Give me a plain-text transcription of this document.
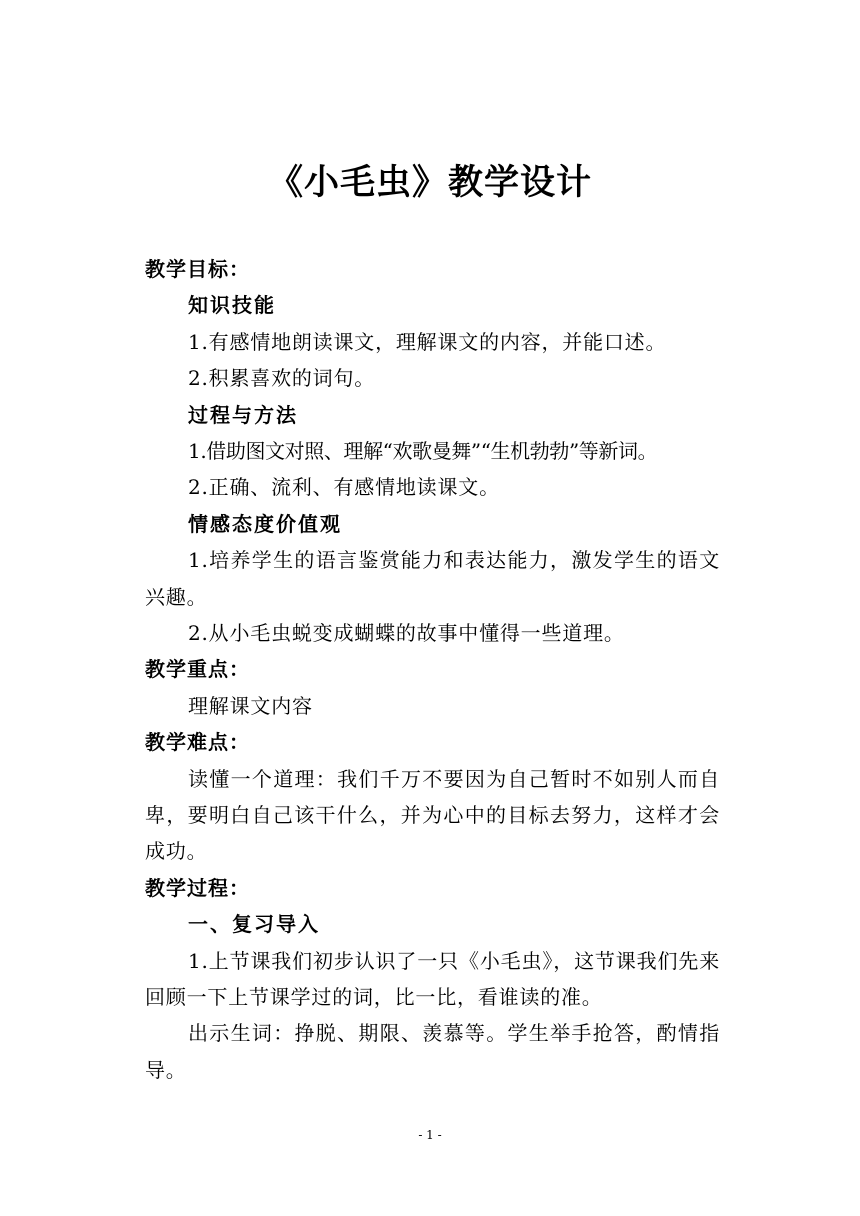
《小毛虫》教学设计

教学目标：

知识技能

1.有感情地朗读课文，理解课文的内容，并能口述。

2.积累喜欢的词句。

过程与方法

1.借助图文对照、理解“欢歌曼舞”“生机勃勃”等新词。

2.正确、流利、有感情地读课文。

情感态度价值观

1.培养学生的语言鉴赏能力和表达能力，激发学生的语文兴趣。

2.从小毛虫蜕变成蝴蝶的故事中懂得一些道理。

教学重点：

理解课文内容

教学难点：

读懂一个道理：我们千万不要因为自己暂时不如别人而自卑，要明白自己该干什么，并为心中的目标去努力，这样才会成功。

教学过程：

一、复习导入

1.上节课我们初步认识了一只《小毛虫》，这节课我们先来回顾一下上节课学过的词，比一比，看谁读的准。

出示生词：挣脱、期限、羡慕等。学生举手抢答，酌情指导。

- 1 -
